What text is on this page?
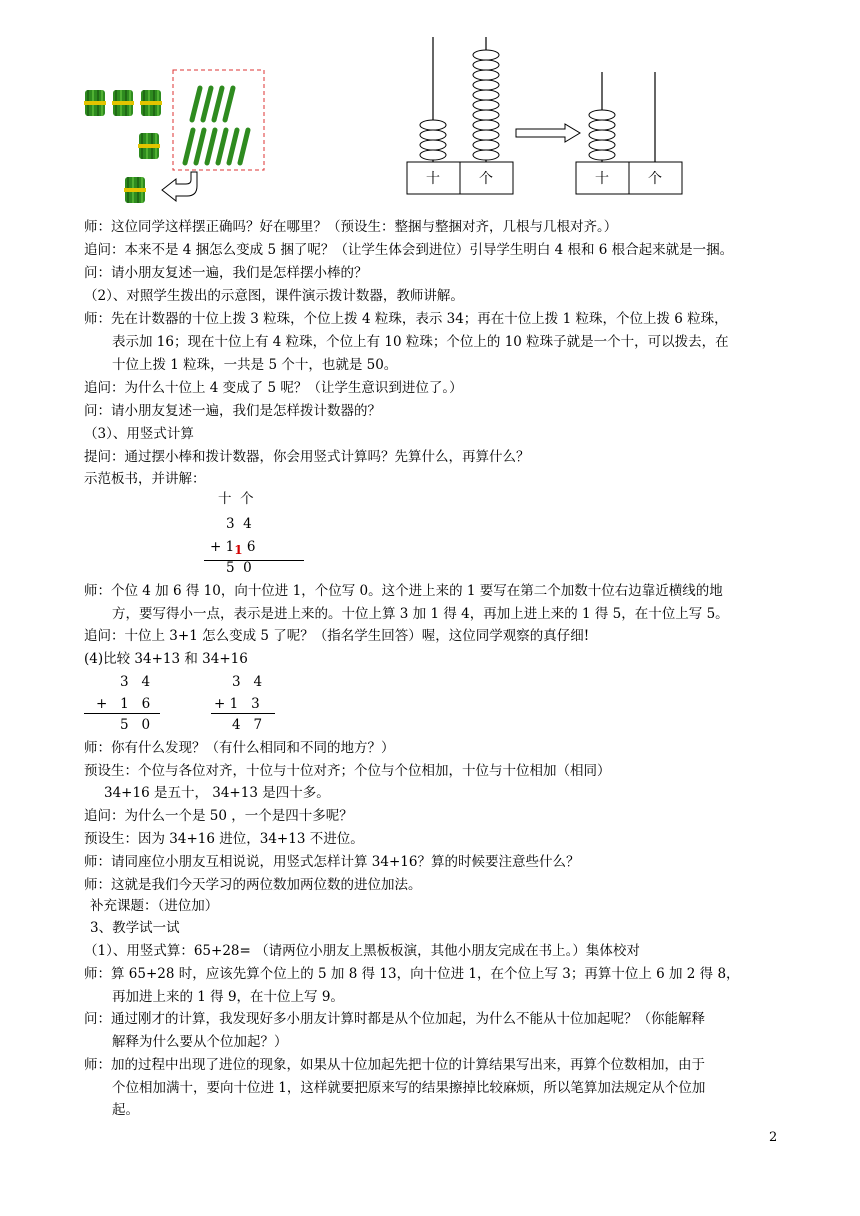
十	个	十	个
师：这位同学这样摆正确吗？好在哪里？（预设生：整捆与整捆对齐，几根与几根对齐。）
追问：本来不是 4 捆怎么变成 5 捆了呢？（让学生体会到进位）引导学生明白 4 根和 6 根合起来就是一捆。
问：请小朋友复述一遍，我们是怎样摆小棒的？
（2）、对照学生拨出的示意图，课件演示拨计数器，教师讲解。
师：先在计数器的十位上拨 3 粒珠，个位上拨 4 粒珠，表示 34；再在十位上拨 1 粒珠，个位上拨 6 粒珠，
表示加 16；现在十位上有 4 粒珠，个位上有 10 粒珠；个位上的 10 粒珠子就是一个十，可以拨去，在
十位上拨 1 粒珠，一共是 5 个十，也就是 50。
追问：为什么十位上 4 变成了 5 呢？（让学生意识到进位了。）
问：请小朋友复述一遍，我们是怎样拨计数器的？
（3）、用竖式计算
提问：通过摆小棒和拨计数器，你会用竖式计算吗？先算什么，再算什么？
示范板书，并讲解：
十  个
3  4
+ 11 6
5  0
师：个位 4 加 6 得 10，向十位进 1，个位写 0。这个进上来的 1 要写在第二个加数十位右边靠近横线的地
方，要写得小一点，表示是进上来的。十位上算 3 加 1 得 4，再加上进上来的 1 得 5，在十位上写 5。
追问：十位上 3+1 怎么变成 5 了呢？（指名学生回答）喔，这位同学观察的真仔细!
(4)比较 34+13 和 34+16
3   4
+   1   6
5   0
3   4
+ 1   3
4   7
师：你有什么发现？（有什么相同和不同的地方？）
预设生：个位与各位对齐，十位与十位对齐；个位与个位相加，十位与十位相加（相同）
34+16 是五十， 34+13 是四十多。
追问：为什么一个是 50 ，一个是四十多呢？
预设生：因为 34+16 进位，34+13 不进位。
师：请同座位小朋友互相说说，用竖式怎样计算 34+16？算的时候要注意些什么？
师：这就是我们今天学习的两位数加两位数的进位加法。
补充课题：（进位加）
3、教学试一试
（1）、用竖式算：65+28= （请两位小朋友上黑板板演，其他小朋友完成在书上。）集体校对
师：算 65+28 时，应该先算个位上的 5 加 8 得 13，向十位进 1，在个位上写 3；再算十位上 6 加 2 得 8，
再加进上来的 1 得 9，在十位上写 9。
问：通过刚才的计算，我发现好多小朋友计算时都是从个位加起，为什么不能从十位加起呢？（你能解释
解释为什么要从个位加起？）
师：加的过程中出现了进位的现象，如果从十位加起先把十位的计算结果写出来，再算个位数相加，由于
个位相加满十，要向十位进 1，这样就要把原来写的结果擦掉比较麻烦，所以笔算加法规定从个位加
起。
2
